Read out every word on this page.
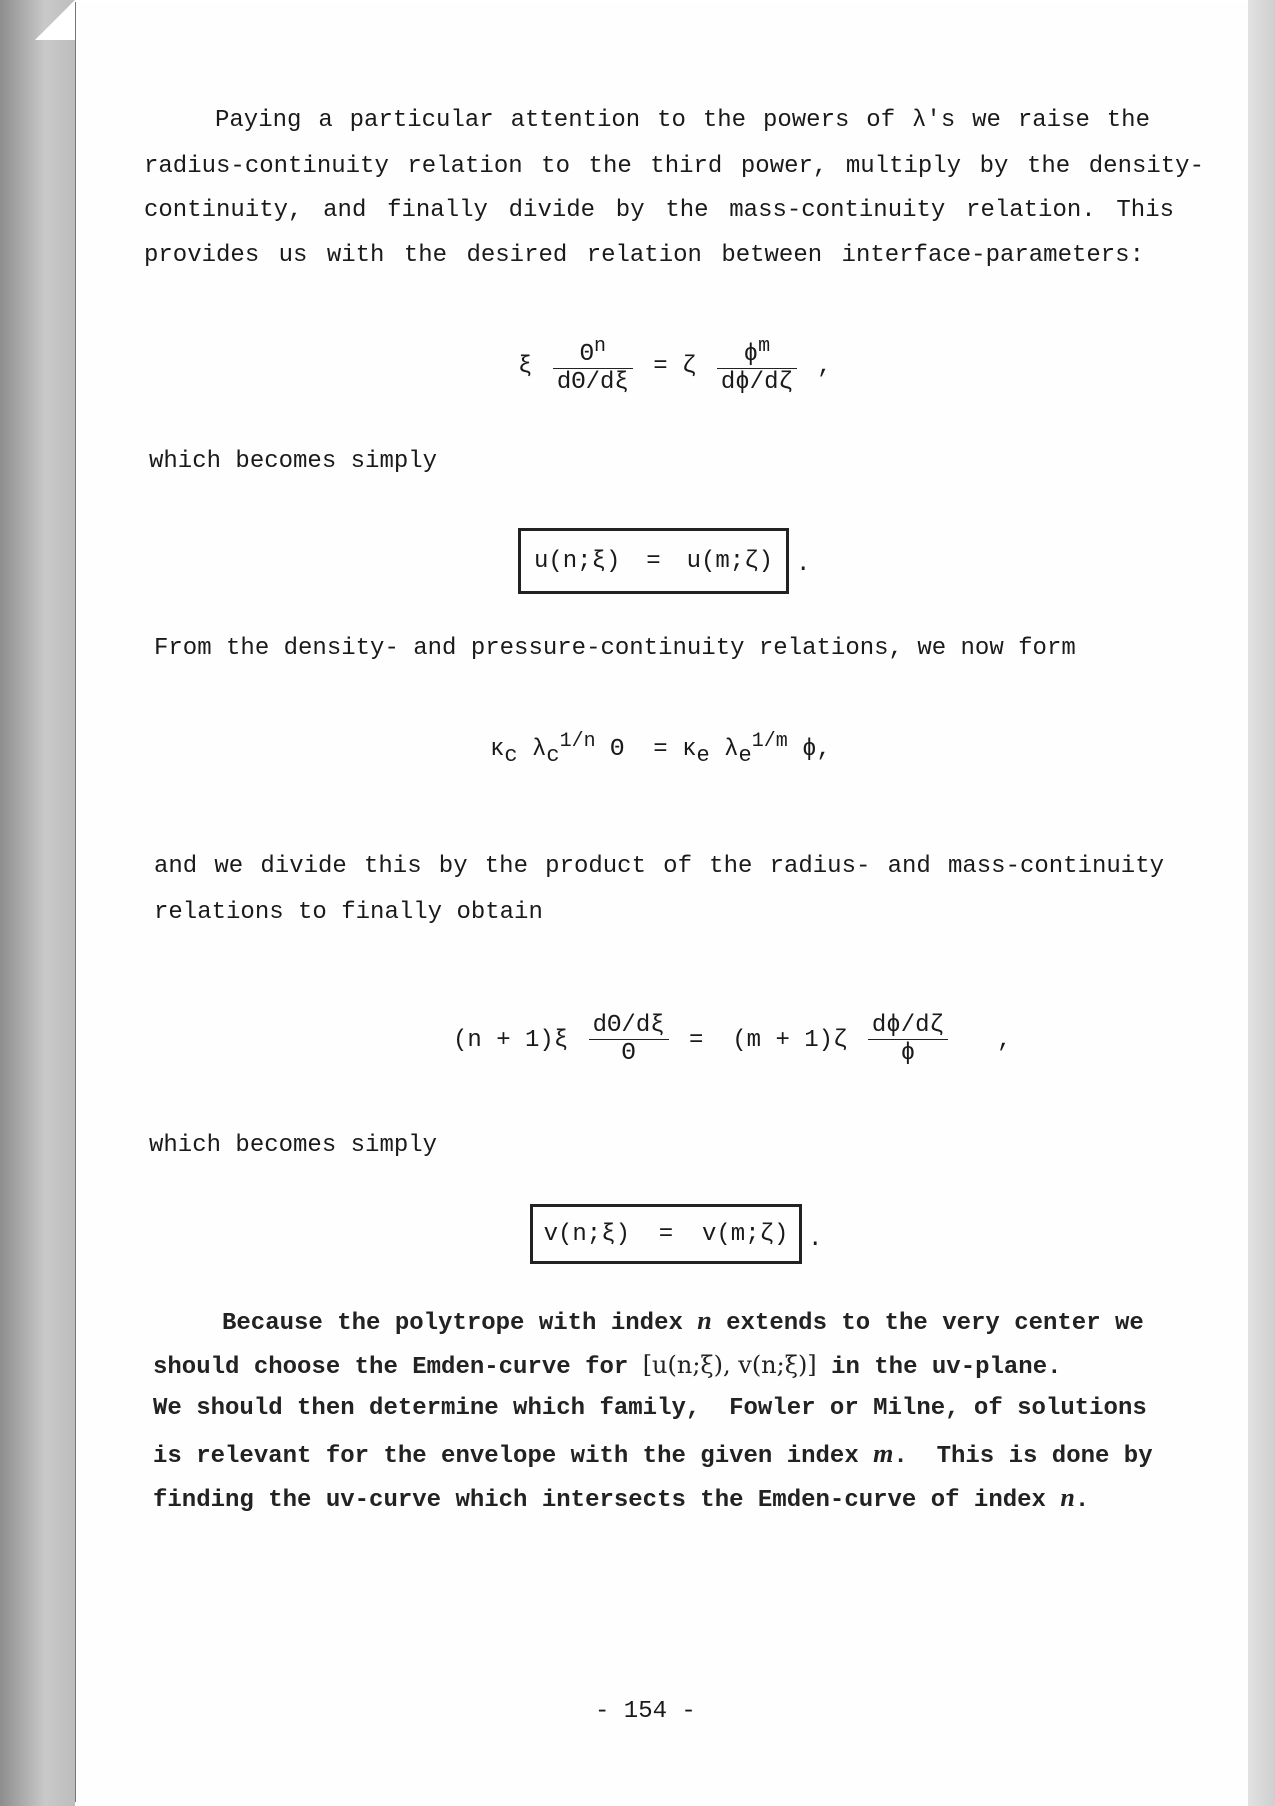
Paying a particular attention to the powers of λ's we raise the
radius-continuity relation to the third power, multiply by the density-
continuity, and finally divide by the mass-continuity relation. This
provides us with the desired relation between interface-parameters:
ξ $\frac{\Theta^n}{d\Theta/d\xi} = \zeta \frac{\phi^m}{d\phi/d\zeta}$ ,
which becomes simply
u(n;ξ) = u(m;ζ) .
From the density- and pressure-continuity relations, we now form
$\kappa_c$ $\lambda_c^{1/n}$ $\Theta = \kappa_e$ $\lambda_e^{1/m}$ ϕ,
and we divide this by the product of the radius- and mass-continuity
relations to finally obtain
$(n + 1)\xi \frac{d\Theta/d\xi}{\Theta} = (m + 1)\zeta \frac{d\phi/d\zeta}{\phi}$ ,
which becomes simply
v(n;ξ)  =  v(m;ζ) .
Because the polytrope with index n extends to the very center we
should choose the Emden-curve for [u(n;ξ), v(n;ξ)] in the uv-plane.
We should then determine which family,  Fowler or Milne, of solutions
is relevant for the envelope with the given index m.  This is done by
finding the uv-curve which intersects the Emden-curve of index n.
- 154 -
